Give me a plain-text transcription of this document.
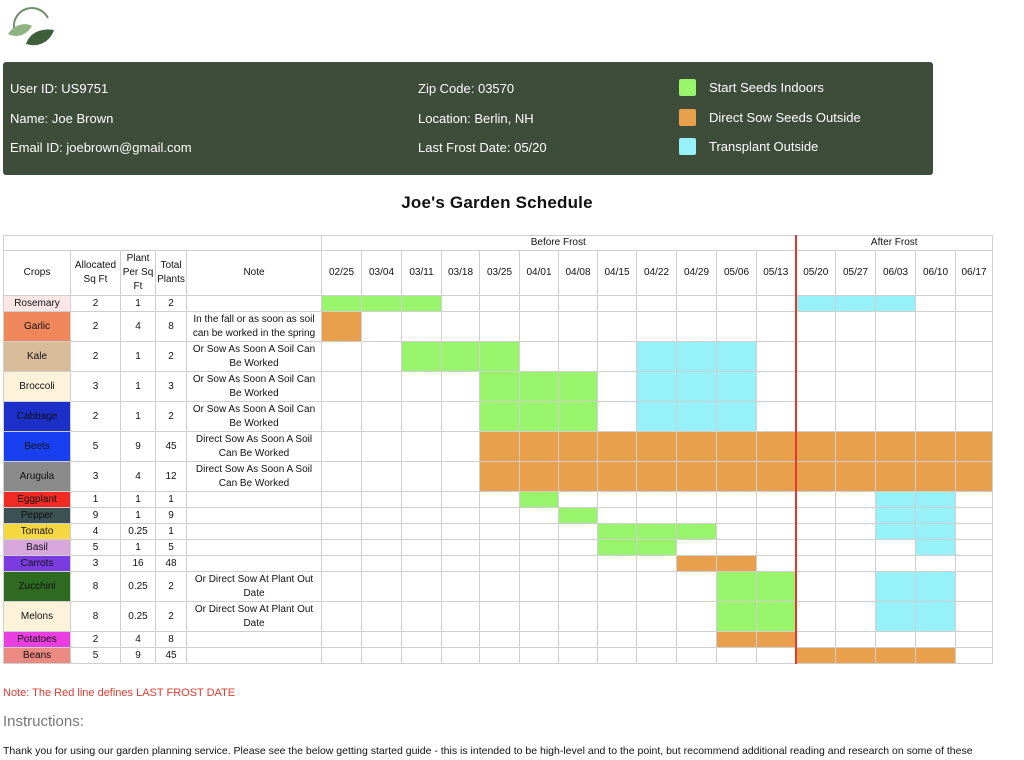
User ID: US9751
Name: Joe Brown
Email ID: joebrown@gmail.com
Zip Code: 03570
Location: Berlin, NH
Last Frost Date: 05/20
Start Seeds Indoors
Direct Sow Seeds Outside
Transplant Outside
Joe's Garden Schedule
					Before Frost												After Frost				
Crops	Allocated Sq Ft	Plant Per Sq Ft	Total Plants	Note	02/25	03/04	03/11	03/18	03/25	04/01	04/08	04/15	04/22	04/29	05/06	05/13	05/20	05/27	06/03	06/10	06/17
Rosemary	2	1	2																		
Garlic	2	4	8	In the fall or as soon as soil can be worked in the spring																	
Kale	2	1	2	Or Sow As Soon A Soil Can Be Worked																	
Broccoli	3	1	3	Or Sow As Soon A Soil Can Be Worked																	
Cabbage	2	1	2	Or Sow As Soon A Soil Can Be Worked																	
Beets	5	9	45	Direct Sow As Soon A Soil Can Be Worked																	
Arugula	3	4	12	Direct Sow As Soon A Soil Can Be Worked																	
Eggplant	1	1	1																		
Pepper	9	1	9																		
Tomato	4	0.25	1																		
Basil	5	1	5																		
Carrots	3	16	48																		
Zucchini	8	0.25	2	Or Direct Sow At Plant Out Date																	
Melons	8	0.25	2	Or Direct Sow At Plant Out Date																	
Potatoes	2	4	8																		
Beans	5	9	45																		
Note: The Red line defines LAST FROST DATE
Instructions:
Thank you for using our garden planning service. Please see the below getting started guide - this is intended to be high-level and to the point, but recommend additional reading and research on some of these
